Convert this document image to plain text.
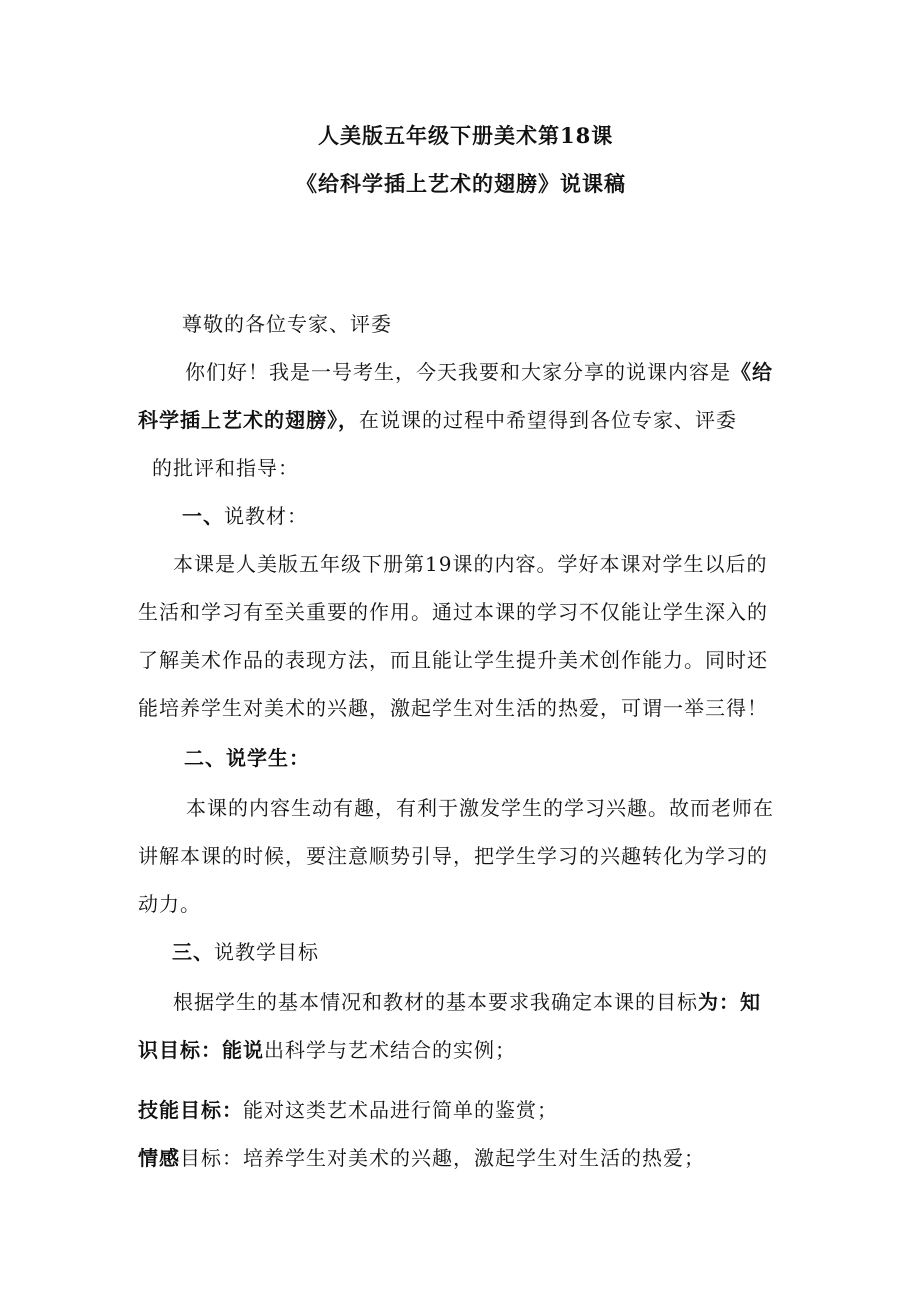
人美版五年级下册美术第18课
《给科学插上艺术的翅膀》说课稿
尊敬的各位专家、评委
你们好！我是一号考生，今天我要和大家分享的说课内容是《给
科学插上艺术的翅膀》，在说课的过程中希望得到各位专家、评委
的批评和指导：
一、说教材：
本课是人美版五年级下册第19课的内容。学好本课对学生以后的
生活和学习有至关重要的作用。通过本课的学习不仅能让学生深入的
了解美术作品的表现方法，而且能让学生提升美术创作能力。同时还
能培养学生对美术的兴趣，激起学生对生活的热爱，可谓一举三得！
二、说学生：
本课的内容生动有趣，有利于激发学生的学习兴趣。故而老师在
讲解本课的时候，要注意顺势引导，把学生学习的兴趣转化为学习的
动力。
三、说教学目标
根据学生的基本情况和教材的基本要求我确定本课的目标为：知
识目标：能说出科学与艺术结合的实例；
技能目标：能对这类艺术品进行简单的鉴赏；
情感目标：培养学生对美术的兴趣，激起学生对生活的热爱；
